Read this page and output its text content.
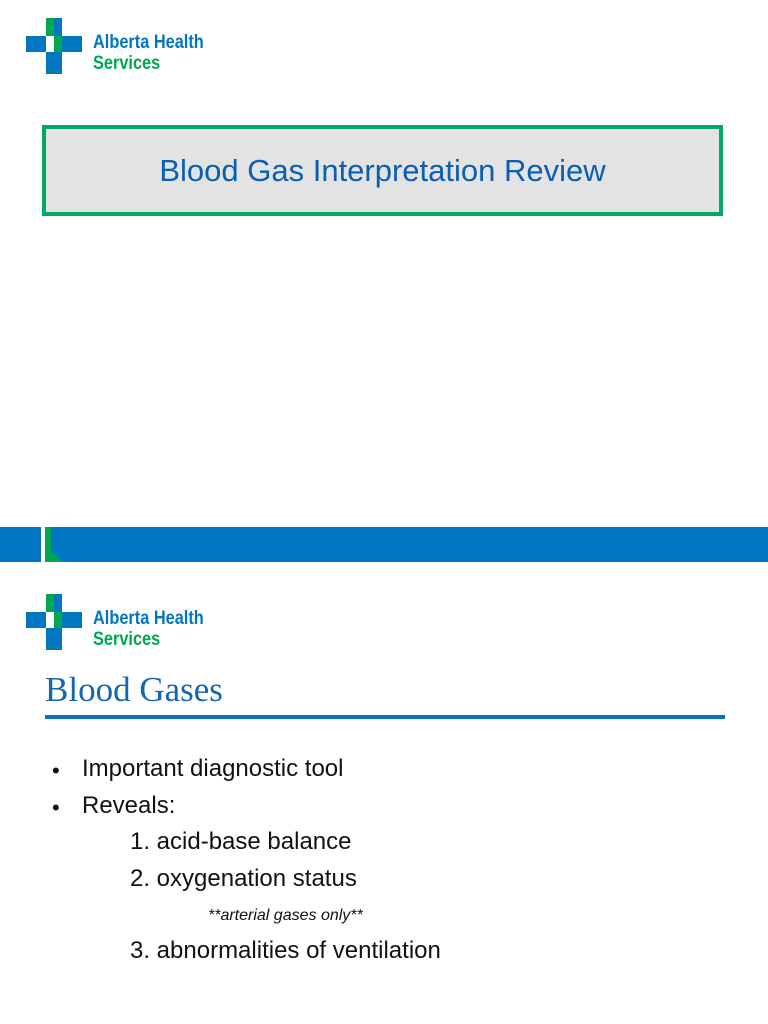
Alberta Health
Services
Blood Gas Interpretation Review
Alberta Health
Services
Blood Gases
• Important diagnostic tool
• Reveals:
1. acid-base balance
2. oxygenation status
**arterial gases only**
3. abnormalities of ventilation
